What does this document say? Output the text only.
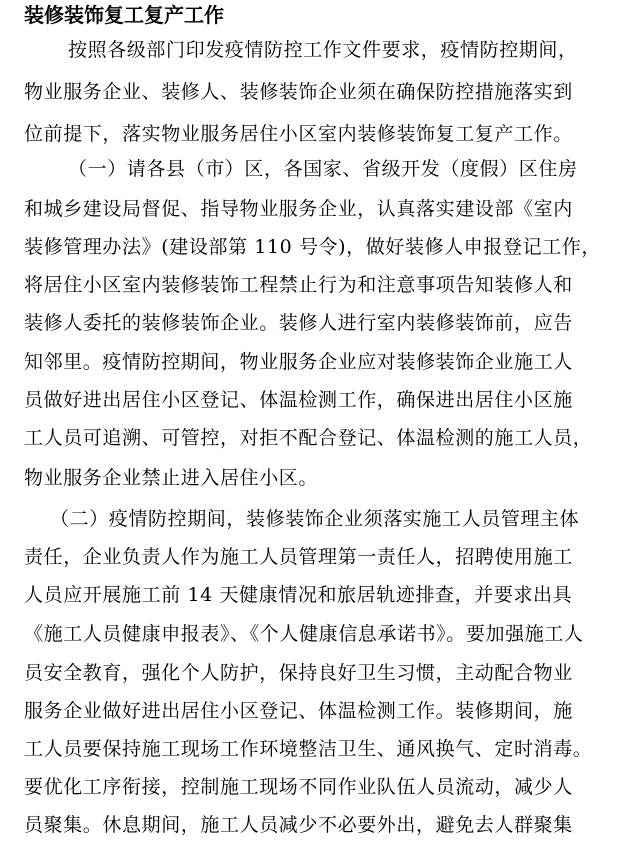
装修装饰复工复产工作
按照各级部门印发疫情防控工作文件要求，疫情防控期间，
物业服务企业、装修人、装修装饰企业须在确保防控措施落实到
位前提下，落实物业服务居住小区室内装修装饰复工复产工作。
（一）请各县（市）区，各国家、省级开发（度假）区住房
和城乡建设局督促、指导物业服务企业，认真落实建设部《室内
装修管理办法》(建设部第 110 号令)，做好装修人申报登记工作，
将居住小区室内装修装饰工程禁止行为和注意事项告知装修人和
装修人委托的装修装饰企业。装修人进行室内装修装饰前，应告
知邻里。疫情防控期间，物业服务企业应对装修装饰企业施工人
员做好进出居住小区登记、体温检测工作，确保进出居住小区施
工人员可追溯、可管控，对拒不配合登记、体温检测的施工人员，
物业服务企业禁止进入居住小区。
（二）疫情防控期间，装修装饰企业须落实施工人员管理主体
责任，企业负责人作为施工人员管理第一责任人，招聘使用施工
人员应开展施工前 14 天健康情况和旅居轨迹排查，并要求出具
《施工人员健康申报表》、《个人健康信息承诺书》。要加强施工人
员安全教育，强化个人防护，保持良好卫生习惯，主动配合物业
服务企业做好进出居住小区登记、体温检测工作。装修期间，施
工人员要保持施工现场工作环境整洁卫生、通风换气、定时消毒。
要优化工序衔接，控制施工现场不同作业队伍人员流动，减少人
员聚集。休息期间，施工人员减少不必要外出，避免去人群聚集
